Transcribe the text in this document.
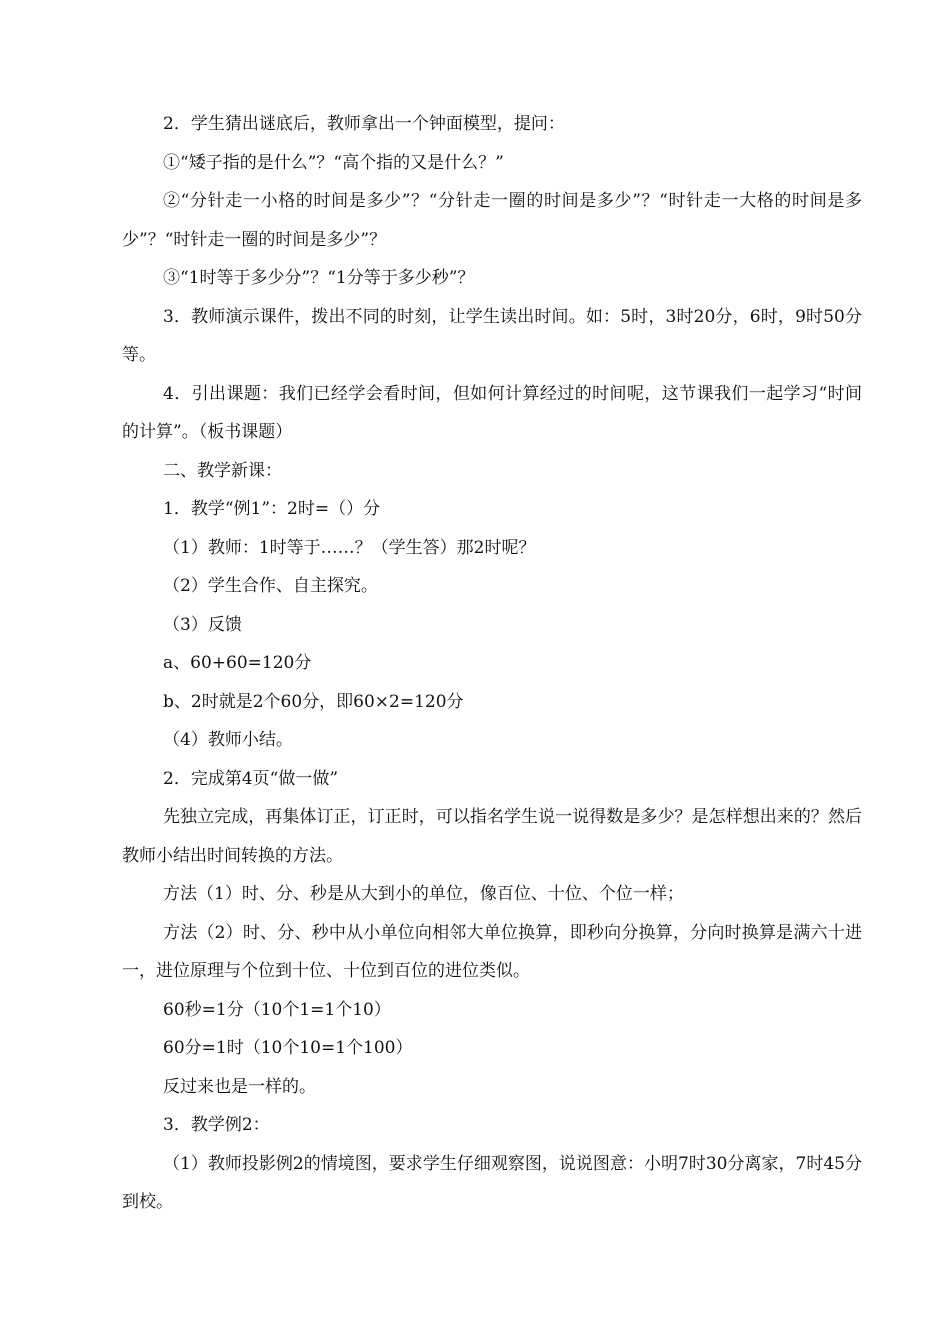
2．学生猜出谜底后，教师拿出一个钟面模型，提问：

①“矮子指的是什么”？“高个指的又是什么？”

②“分针走一小格的时间是多少”？“分针走一圈的时间是多少”？“时针走一大格的时间是多少”？“时针走一圈的时间是多少”？

③“1时等于多少分”？“1分等于多少秒”？

3．教师演示课件，拨出不同的时刻，让学生读出时间。如：5时，3时20分，6时，9时50分等。

4．引出课题：我们已经学会看时间，但如何计算经过的时间呢，这节课我们一起学习“时间的计算”。（板书课题）

二、教学新课：

1．教学“例1”：2时=（）分

（1）教师：1时等于……？（学生答）那2时呢？

（2）学生合作、自主探究。

（3）反馈

a、60+60=120分

b、2时就是2个60分，即60×2=120分

（4）教师小结。

2．完成第4页“做一做”

先独立完成，再集体订正，订正时，可以指名学生说一说得数是多少？是怎样想出来的？然后教师小结出时间转换的方法。

方法（1）时、分、秒是从大到小的单位，像百位、十位、个位一样；

方法（2）时、分、秒中从小单位向相邻大单位换算，即秒向分换算，分向时换算是满六十进一，进位原理与个位到十位、十位到百位的进位类似。

60秒=1分（10个1=1个10）

60分=1时（10个10=1个100）

反过来也是一样的。

3．教学例2：

（1）教师投影例2的情境图，要求学生仔细观察图，说说图意：小明7时30分离家，7时45分到校。
